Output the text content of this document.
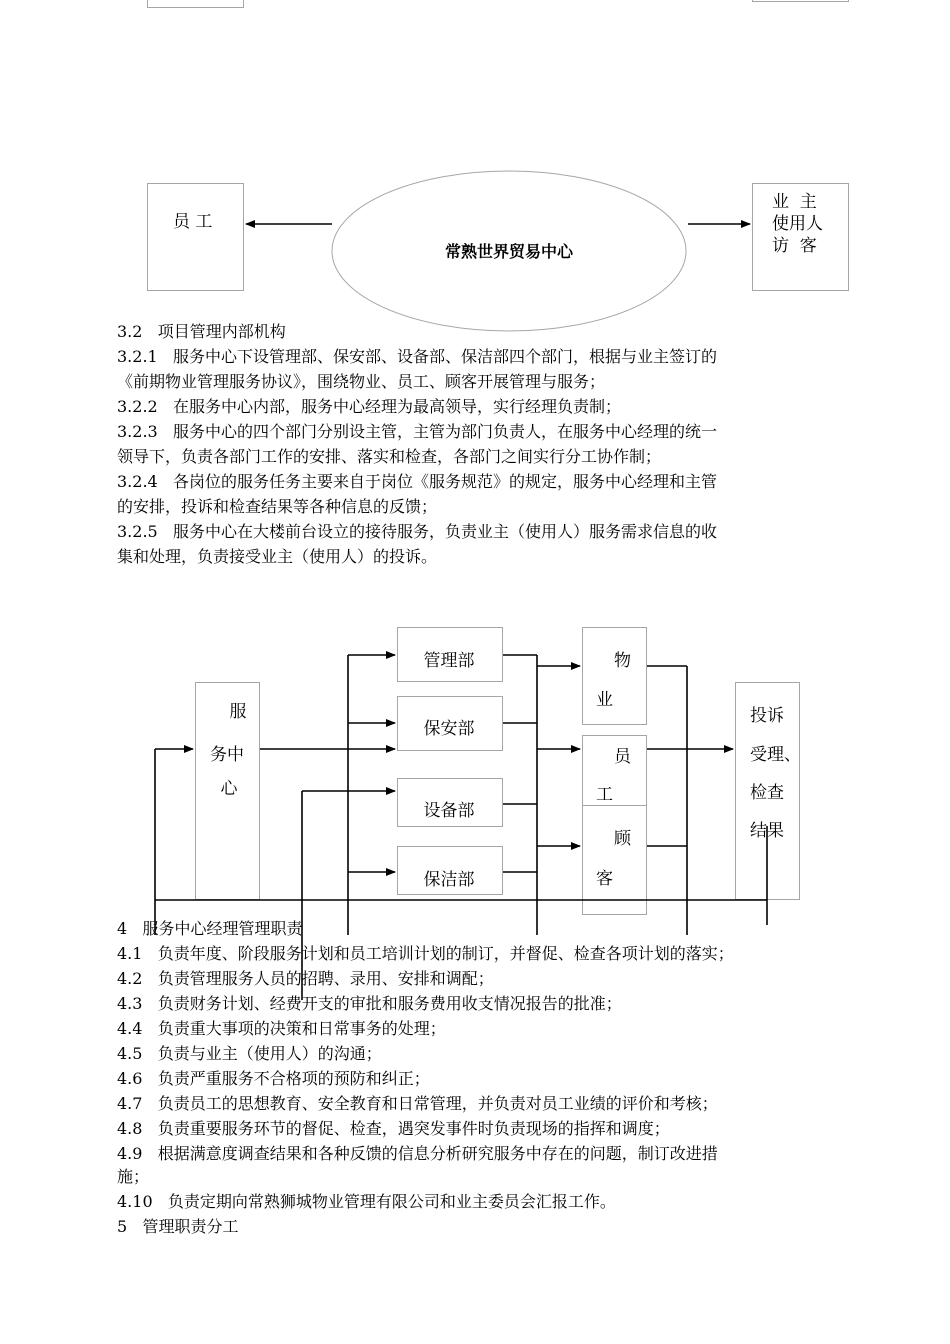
员 工
常熟世界贸易中心
业  主
使用人
访  客
3.2   项目管理内部机构
3.2.1   服务中心下设管理部、保安部、设备部、保洁部四个部门，根据与业主签订的
《前期物业管理服务协议》，围绕物业、员工、顾客开展管理与服务；
3.2.2   在服务中心内部，服务中心经理为最高领导，实行经理负责制；
3.2.3   服务中心的四个部门分别设主管，主管为部门负责人，在服务中心经理的统一
领导下，负责各部门工作的安排、落实和检查，各部门之间实行分工协作制；
3.2.4   各岗位的服务任务主要来自于岗位《服务规范》的规定，服务中心经理和主管
的安排，投诉和检查结果等各种信息的反馈；
3.2.5   服务中心在大楼前台设立的接待服务，负责业主（使用人）服务需求信息的收
集和处理，负责接受业主（使用人）的投诉。
服
务中
心
管理部
保安部
设备部
保洁部
物
业
员
工
顾
客
投诉
受理、
检查
结果
4   服务中心经理管理职责
4.1   负责年度、阶段服务计划和员工培训计划的制订，并督促、检查各项计划的落实；
4.2   负责管理服务人员的招聘、录用、安排和调配；
4.3   负责财务计划、经费开支的审批和服务费用收支情况报告的批准；
4.4   负责重大事项的决策和日常事务的处理；
4.5   负责与业主（使用人）的沟通；
4.6   负责严重服务不合格项的预防和纠正；
4.7   负责员工的思想教育、安全教育和日常管理，并负责对员工业绩的评价和考核；
4.8   负责重要服务环节的督促、检查，遇突发事件时负责现场的指挥和调度；
4.9   根据满意度调查结果和各种反馈的信息分析研究服务中存在的问题，制订改进措
施；
4.10   负责定期向常熟狮城物业管理有限公司和业主委员会汇报工作。
5   管理职责分工
